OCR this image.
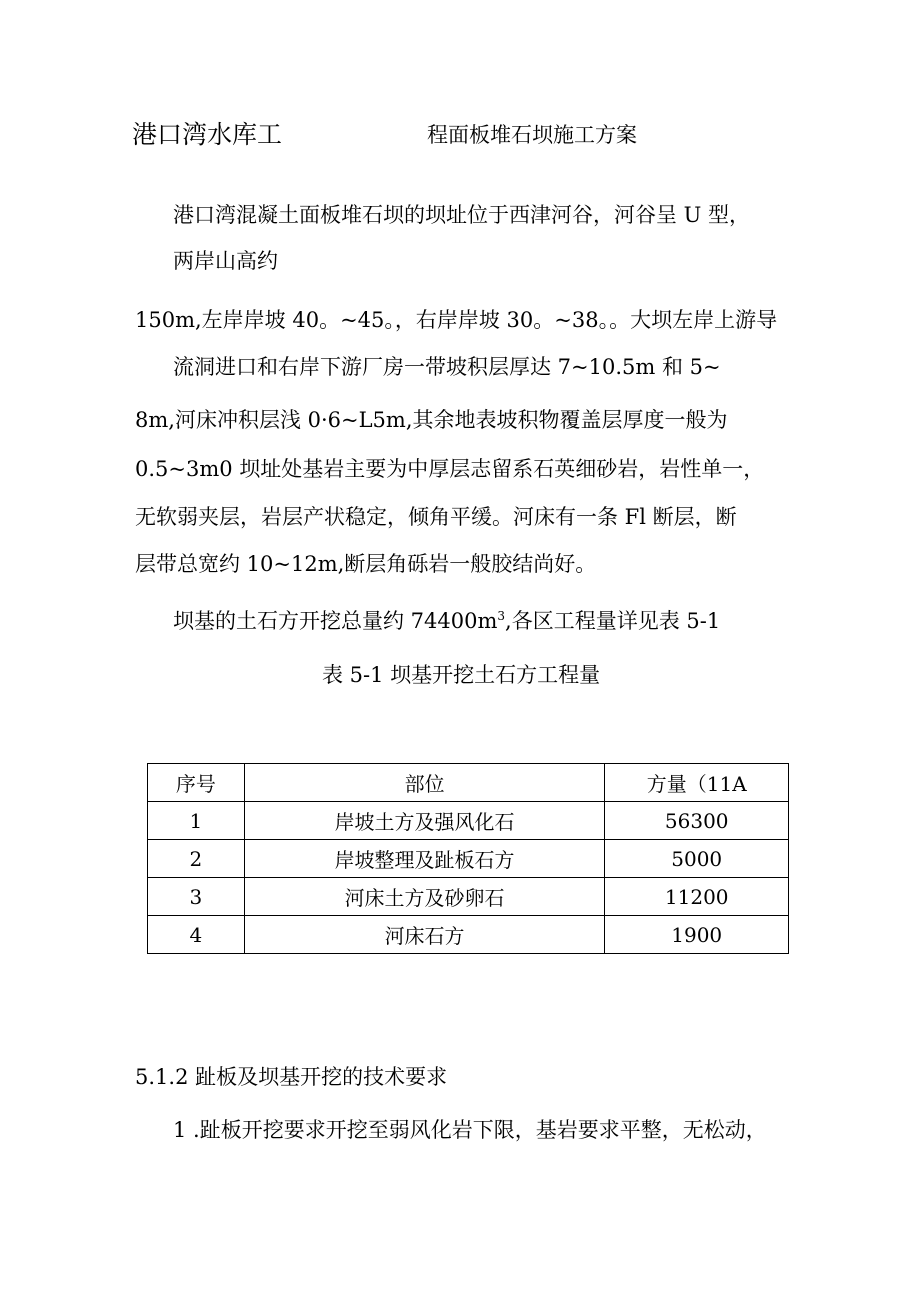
港口湾水库工	程面板堆石坝施工方案
港口湾混凝土面板堆石坝的坝址位于西津河谷，河谷呈 U 型，
两岸山高约
150m,左岸岸坡 40。~45。，右岸岸坡 30。~38。。大坝左岸上游导
流洞进口和右岸下游厂房一带坡积层厚达 7~10.5m 和 5~
8m,河床冲积层浅 0·6~L5m,其余地表坡积物覆盖层厚度一般为
0.5~3m0 坝址处基岩主要为中厚层志留系石英细砂岩，岩性单一，
无软弱夹层，岩层产状稳定，倾角平缓。河床有一条 Fl 断层，断
层带总宽约 10~12m,断层角砾岩一般胶结尚好。
坝基的土石方开挖总量约 $74400m^3$,各区工程量详见表 5-1
表 5-1 坝基开挖土石方工程量
序号	部位	方量（11A
1	岸坡土方及强风化石	56300
2	岸坡整理及趾板石方	5000
3	河床土方及砂卵石	11200
4	河床石方	1900
5.1.2 趾板及坝基开挖的技术要求
1 .趾板开挖要求开挖至弱风化岩下限，基岩要求平整，无松动，
